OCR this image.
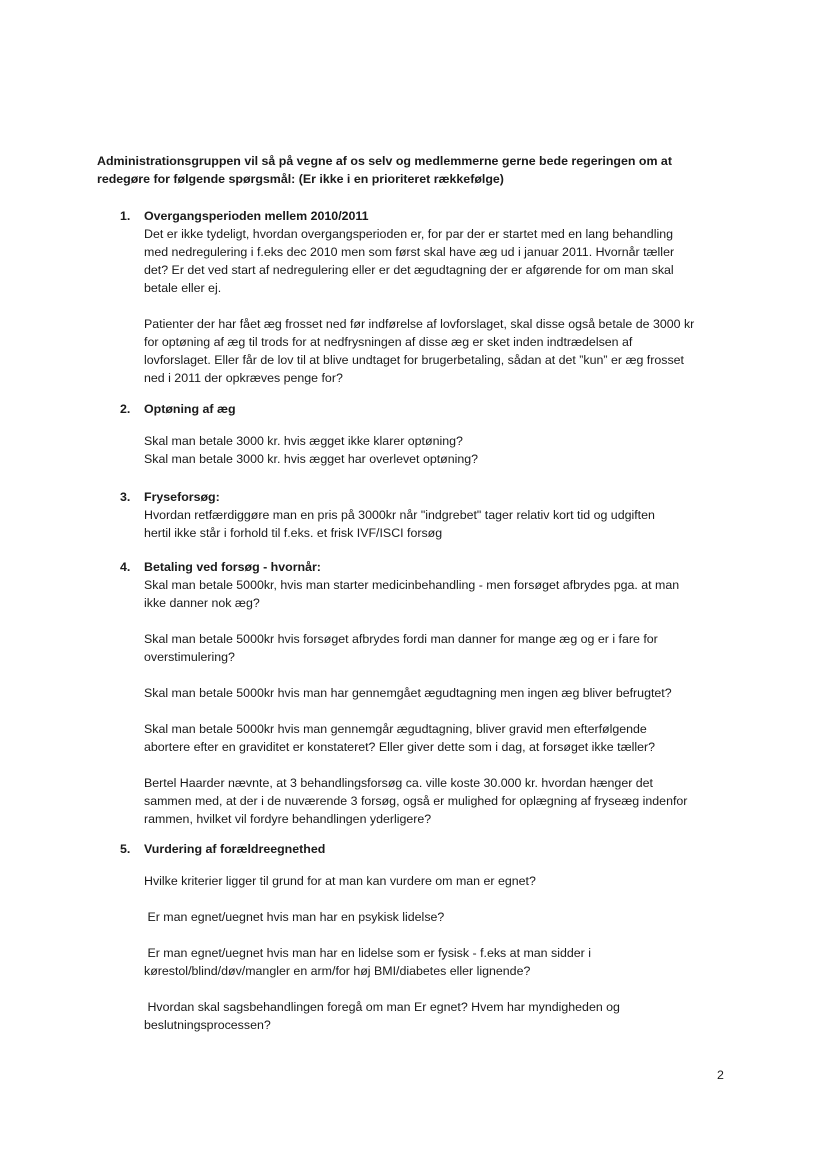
Administrationsgruppen vil så på vegne af os selv og medlemmerne gerne bede regeringen om at
redegøre for følgende spørgsmål: (Er ikke i en prioriteret rækkefølge)
1. Overgangsperioden mellem 2010/2011

Det er ikke tydeligt, hvordan overgangsperioden er, for par der er startet med en lang behandling
med nedregulering i f.eks dec 2010 men som først skal have æg ud i januar 2011. Hvornår tæller
det? Er det ved start af nedregulering eller er det ægudtagning der er afgørende for om man skal
betale eller ej.

Patienter der har fået æg frosset ned før indførelse af lovforslaget, skal disse også betale de 3000 kr
for optøning af æg til trods for at nedfrysningen af disse æg er sket inden indtrædelsen af
lovforslaget. Eller får de lov til at blive undtaget for brugerbetaling, sådan at det ”kun” er æg frosset
ned i 2011 der opkræves penge for?

2. Optøning af æg

Skal man betale 3000 kr. hvis ægget ikke klarer optøning?
Skal man betale 3000 kr. hvis ægget har overlevet optøning?

3. Fryseforsøg:

Hvordan retfærdiggøre man en pris på 3000kr når "indgrebet" tager relativ kort tid og udgiften
hertil ikke står i forhold til f.eks. et frisk IVF/ISCI forsøg

4. Betaling ved forsøg - hvornår:

Skal man betale 5000kr, hvis man starter medicinbehandling - men forsøget afbrydes pga. at man
ikke danner nok æg?

Skal man betale 5000kr hvis forsøget afbrydes fordi man danner for mange æg og er i fare for
overstimulering?

Skal man betale 5000kr hvis man har gennemgået ægudtagning men ingen æg bliver befrugtet?

Skal man betale 5000kr hvis man gennemgår ægudtagning, bliver gravid men efterfølgende
abortere efter en graviditet er konstateret? Eller giver dette som i dag, at forsøget ikke tæller?

Bertel Haarder nævnte, at 3 behandlingsforsøg ca. ville koste 30.000 kr. hvordan hænger det
sammen med, at der i de nuværende 3 forsøg, også er mulighed for oplægning af fryseæg indenfor
rammen, hvilket vil fordyre behandlingen yderligere?

5. Vurdering af forældreegnethed

Hvilke kriterier ligger til grund for at man kan vurdere om man er egnet?

Er man egnet/uegnet hvis man har en psykisk lidelse?

Er man egnet/uegnet hvis man har en lidelse som er fysisk - f.eks at man sidder i
kørestol/blind/døv/mangler en arm/for høj BMI/diabetes eller lignende?

Hvordan skal sagsbehandlingen foregå om man Er egnet? Hvem har myndigheden og
beslutningsprocessen?

2
